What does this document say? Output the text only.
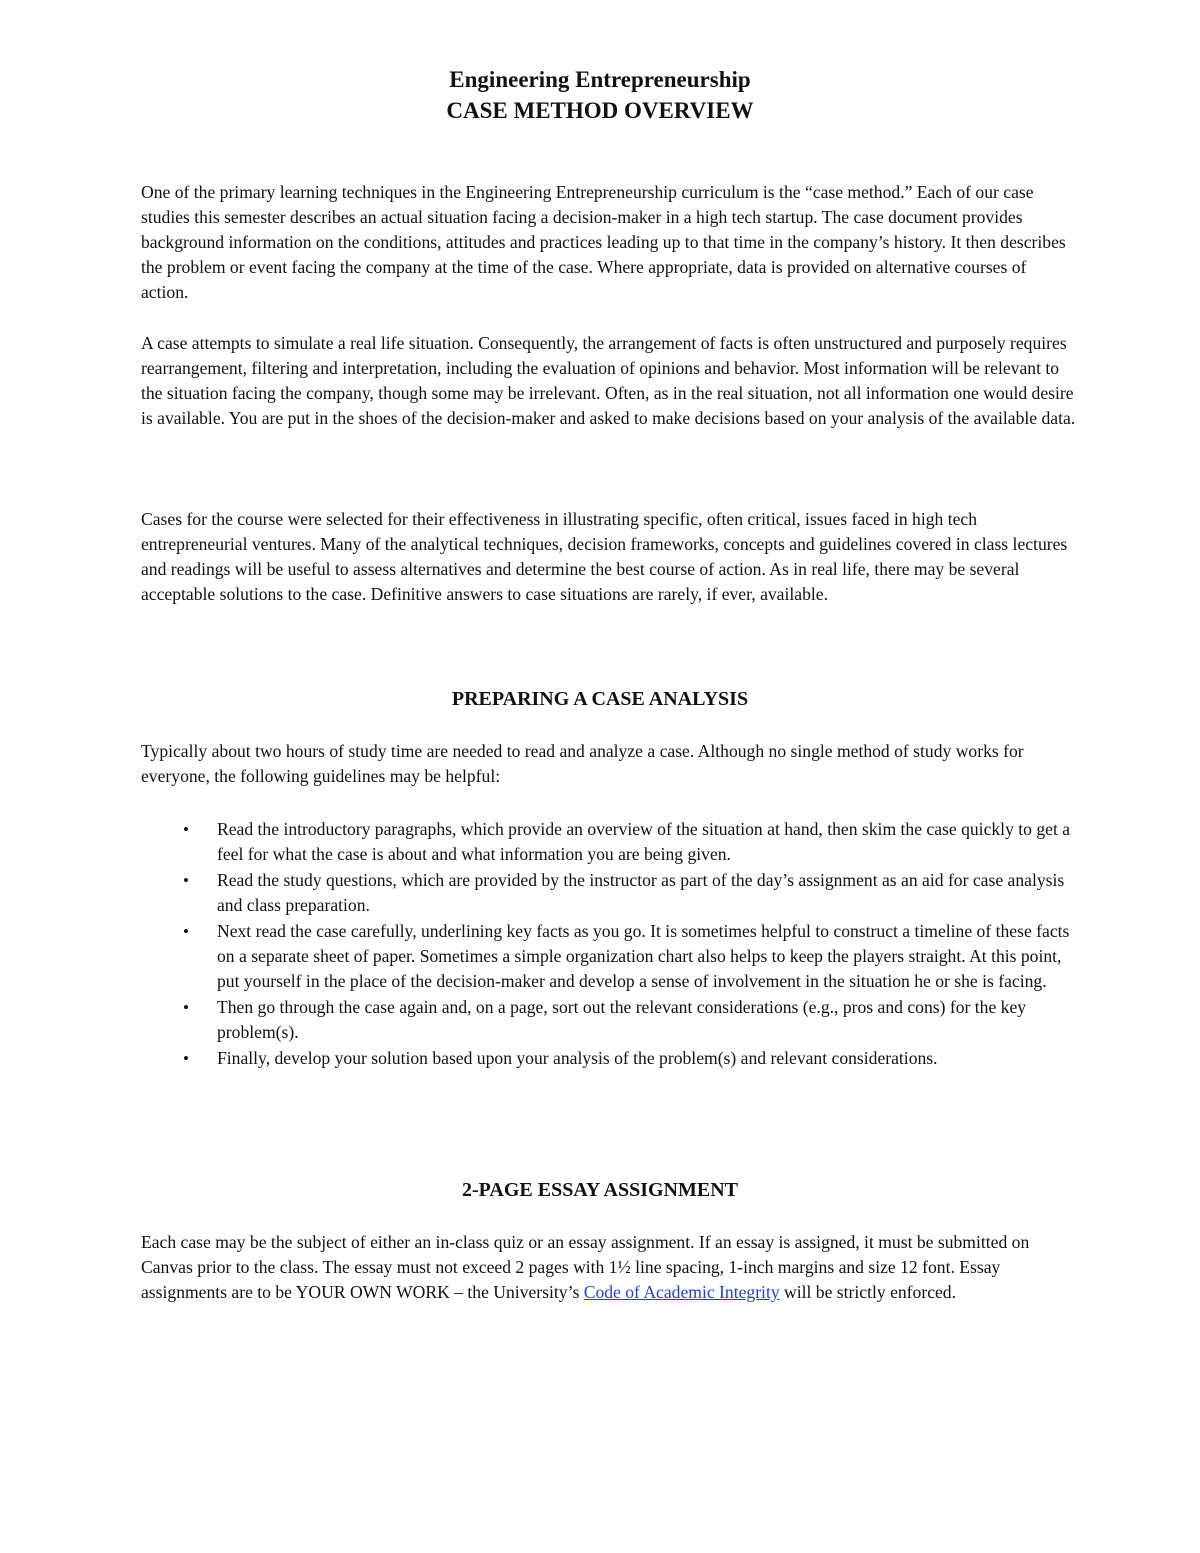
Engineering Entrepreneurship
CASE METHOD OVERVIEW

One of the primary learning techniques in the Engineering Entrepreneurship curriculum is the “case method.” Each of our case studies this semester describes an actual situation facing a decision-maker in a high tech startup. The case document provides background information on the conditions, attitudes and practices leading up to that time in the company’s history. It then describes the problem or event facing the company at the time of the case. Where appropriate, data is provided on alternative courses of action.

A case attempts to simulate a real life situation. Consequently, the arrangement of facts is often unstructured and purposely requires rearrangement, filtering and interpretation, including the evaluation of opinions and behavior. Most information will be relevant to the situation facing the company, though some may be irrelevant. Often, as in the real situation, not all information one would desire is available. You are put in the shoes of the decision-maker and asked to make decisions based on your analysis of the available data.

Cases for the course were selected for their effectiveness in illustrating specific, often critical, issues faced in high tech entrepreneurial ventures. Many of the analytical techniques, decision frameworks, concepts and guidelines covered in class lectures and readings will be useful to assess alternatives and determine the best course of action. As in real life, there may be several acceptable solutions to the case. Definitive answers to case situations are rarely, if ever, available.

PREPARING A CASE ANALYSIS

Typically about two hours of study time are needed to read and analyze a case. Although no single method of study works for everyone, the following guidelines may be helpful:

• Read the introductory paragraphs, which provide an overview of the situation at hand, then skim the case quickly to get a feel for what the case is about and what information you are being given.
• Read the study questions, which are provided by the instructor as part of the day’s assignment as an aid for case analysis and class preparation.
• Next read the case carefully, underlining key facts as you go. It is sometimes helpful to construct a timeline of these facts on a separate sheet of paper. Sometimes a simple organization chart also helps to keep the players straight. At this point, put yourself in the place of the decision-maker and develop a sense of involvement in the situation he or she is facing.
• Then go through the case again and, on a page, sort out the relevant considerations (e.g., pros and cons) for the key problem(s).
• Finally, develop your solution based upon your analysis of the problem(s) and relevant considerations.
2-PAGE ESSAY ASSIGNMENT

Each case may be the subject of either an in-class quiz or an essay assignment. If an essay is assigned, it must be submitted on Canvas prior to the class. The essay must not exceed 2 pages with 1½ line spacing, 1-inch margins and size 12 font. Essay assignments are to be YOUR OWN WORK – the University’s Code of Academic Integrity will be strictly enforced.
